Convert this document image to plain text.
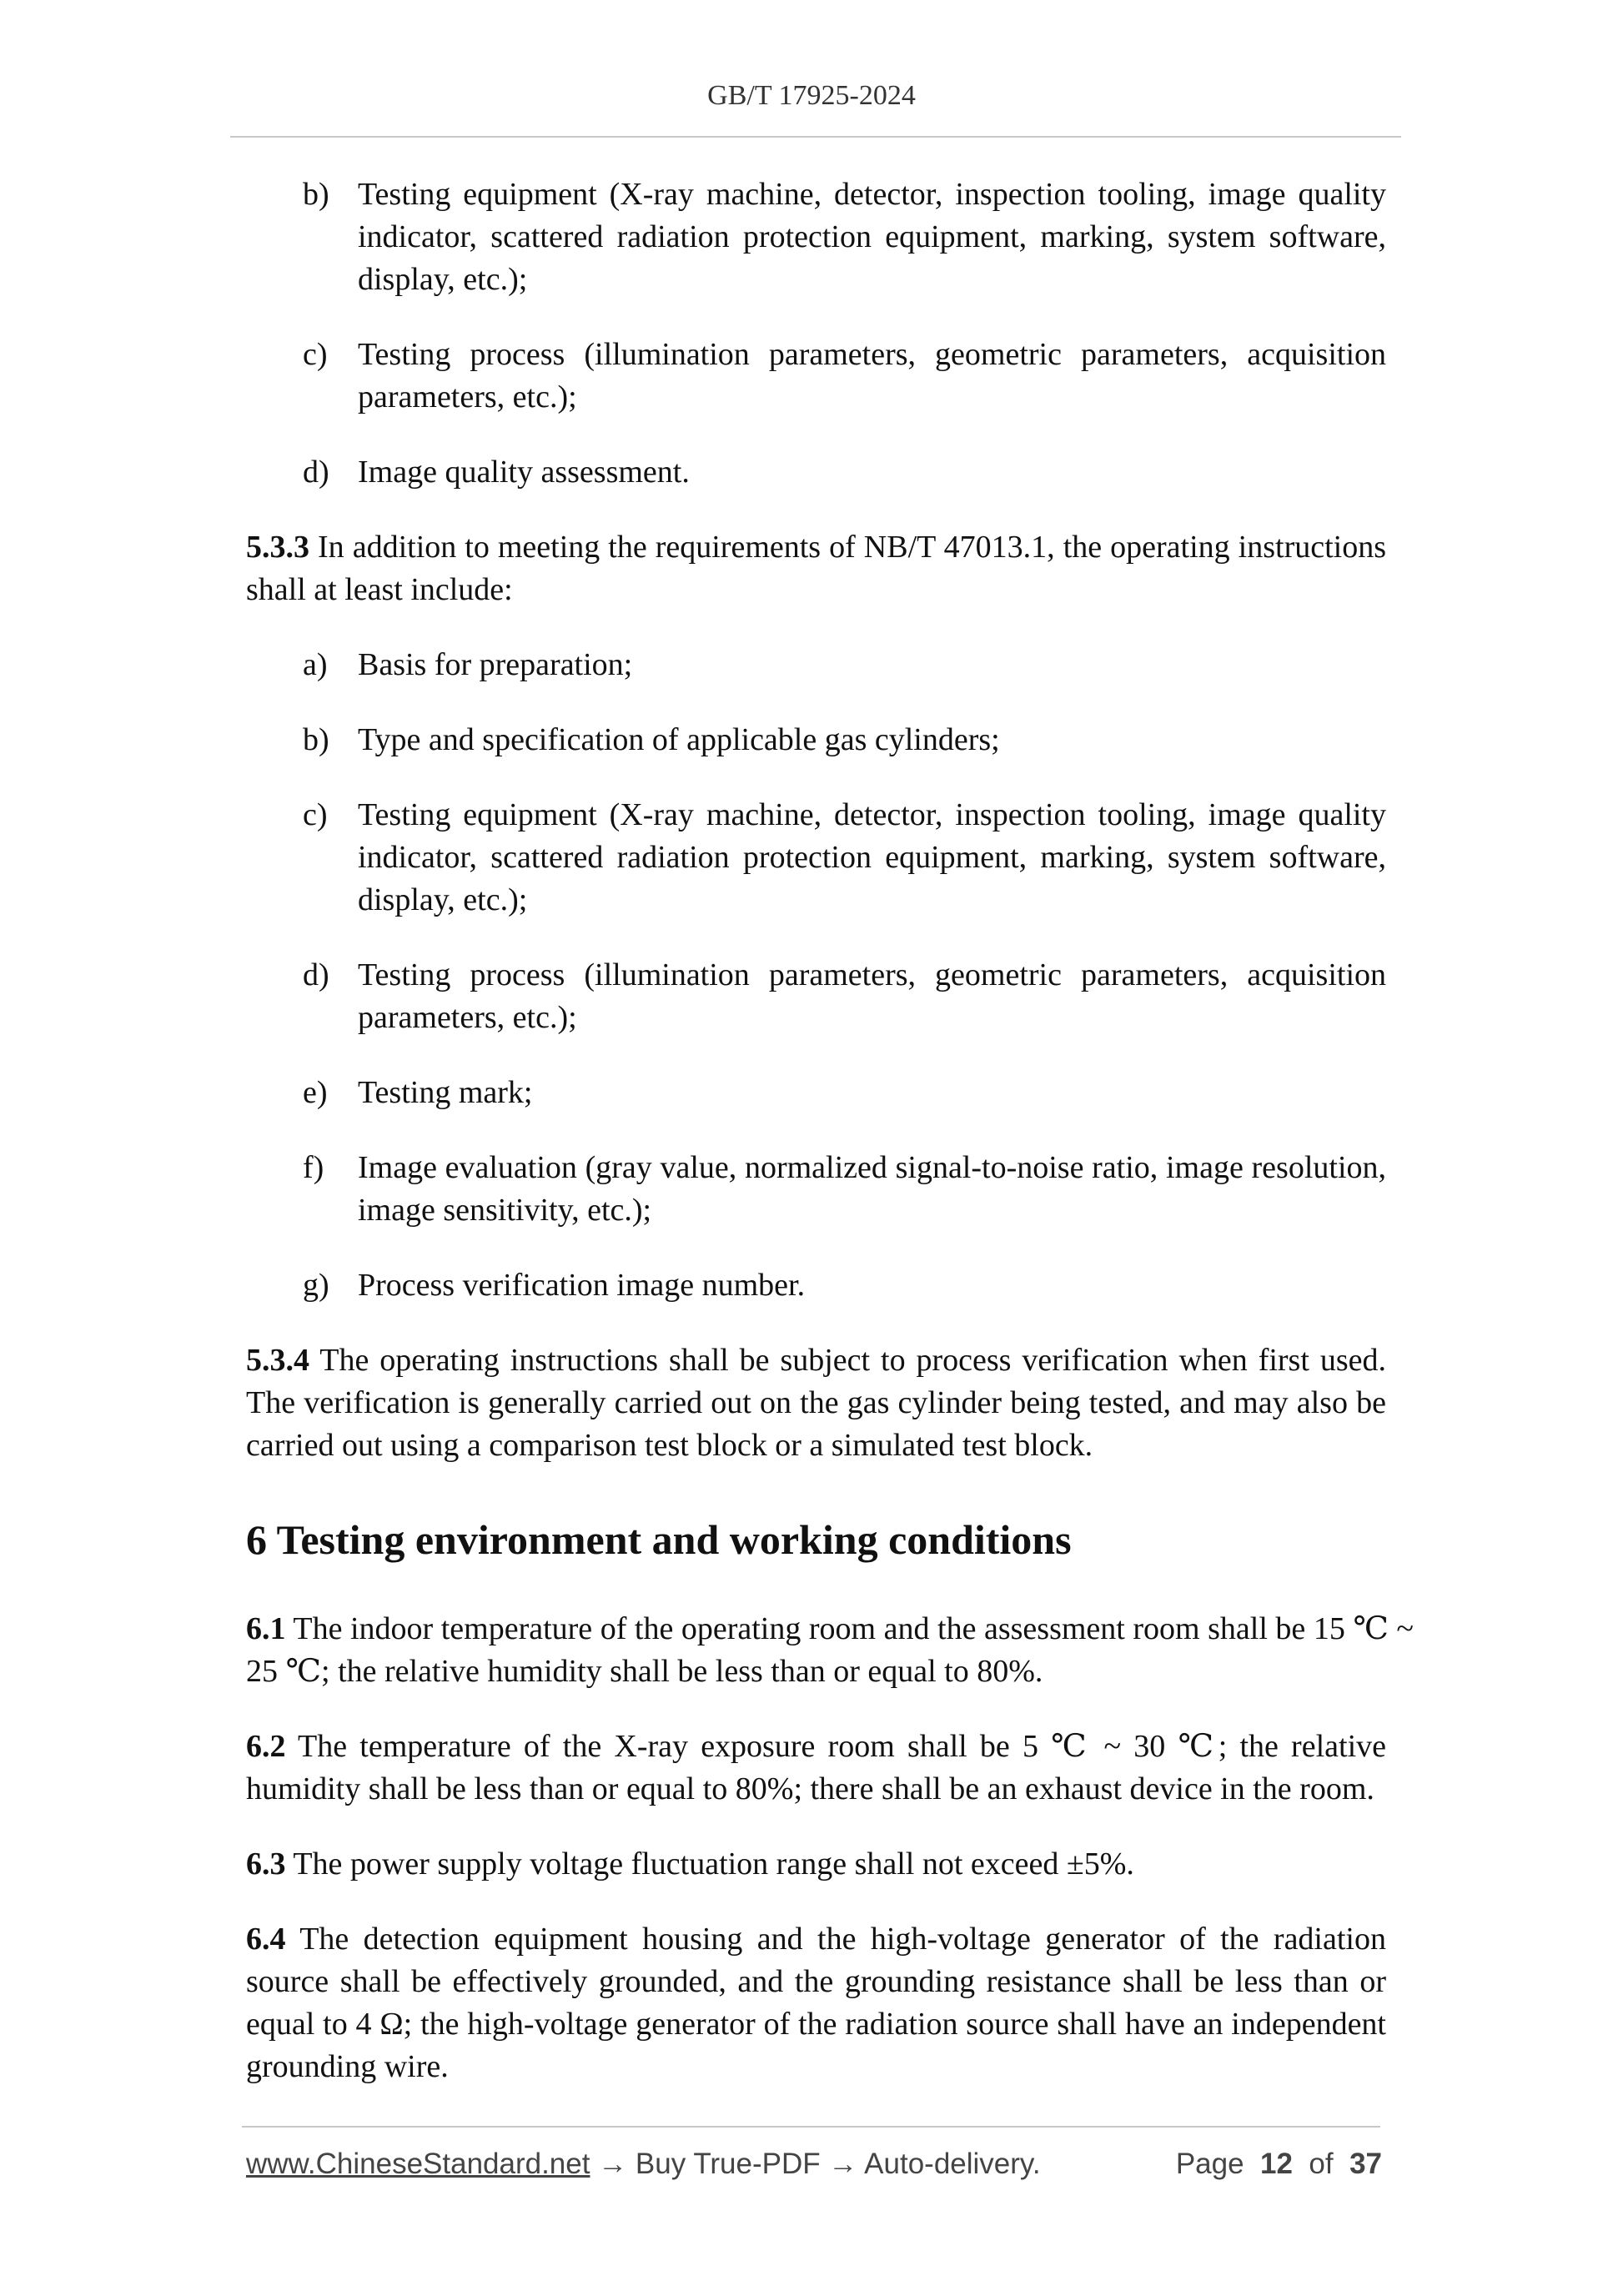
GB/T 17925-2024
b) Testing equipment (X-ray machine, detector, inspection tooling, image quality indicator, scattered radiation protection equipment, marking, system software, display, etc.);
c) Testing process (illumination parameters, geometric parameters, acquisition parameters, etc.);
d) Image quality assessment.
5.3.3 In addition to meeting the requirements of NB/T 47013.1, the operating instructions shall at least include:
a) Basis for preparation;
b) Type and specification of applicable gas cylinders;
c) Testing equipment (X-ray machine, detector, inspection tooling, image quality indicator, scattered radiation protection equipment, marking, system software, display, etc.);
d) Testing process (illumination parameters, geometric parameters, acquisition parameters, etc.);
e) Testing mark;
f)	Image evaluation (gray value, normalized signal-to-noise ratio, image resolution, image sensitivity, etc.);
g) Process verification image number.
5.3.4 The operating instructions shall be subject to process verification when first used. The verification is generally carried out on the gas cylinder being tested, and may also be carried out using a comparison test block or a simulated test block.
6 Testing environment and working conditions
6.1 The indoor temperature of the operating room and the assessment room shall be 15 ℃ ~ 25 ℃; the relative humidity shall be less than or equal to 80%.
6.2 The temperature of the X-ray exposure room shall be 5 ℃ ~ 30 ℃; the relative humidity shall be less than or equal to 80%; there shall be an exhaust device in the room.
6.3 The power supply voltage fluctuation range shall not exceed ±5%.
6.4 The detection equipment housing and the high-voltage generator of the radiation source shall be effectively grounded, and the grounding resistance shall be less than or equal to 4 Ω; the high-voltage generator of the radiation source shall have an independent grounding wire.
www.ChineseStandard.net → Buy True-PDF → Auto-delivery.	Page 12 of 37
